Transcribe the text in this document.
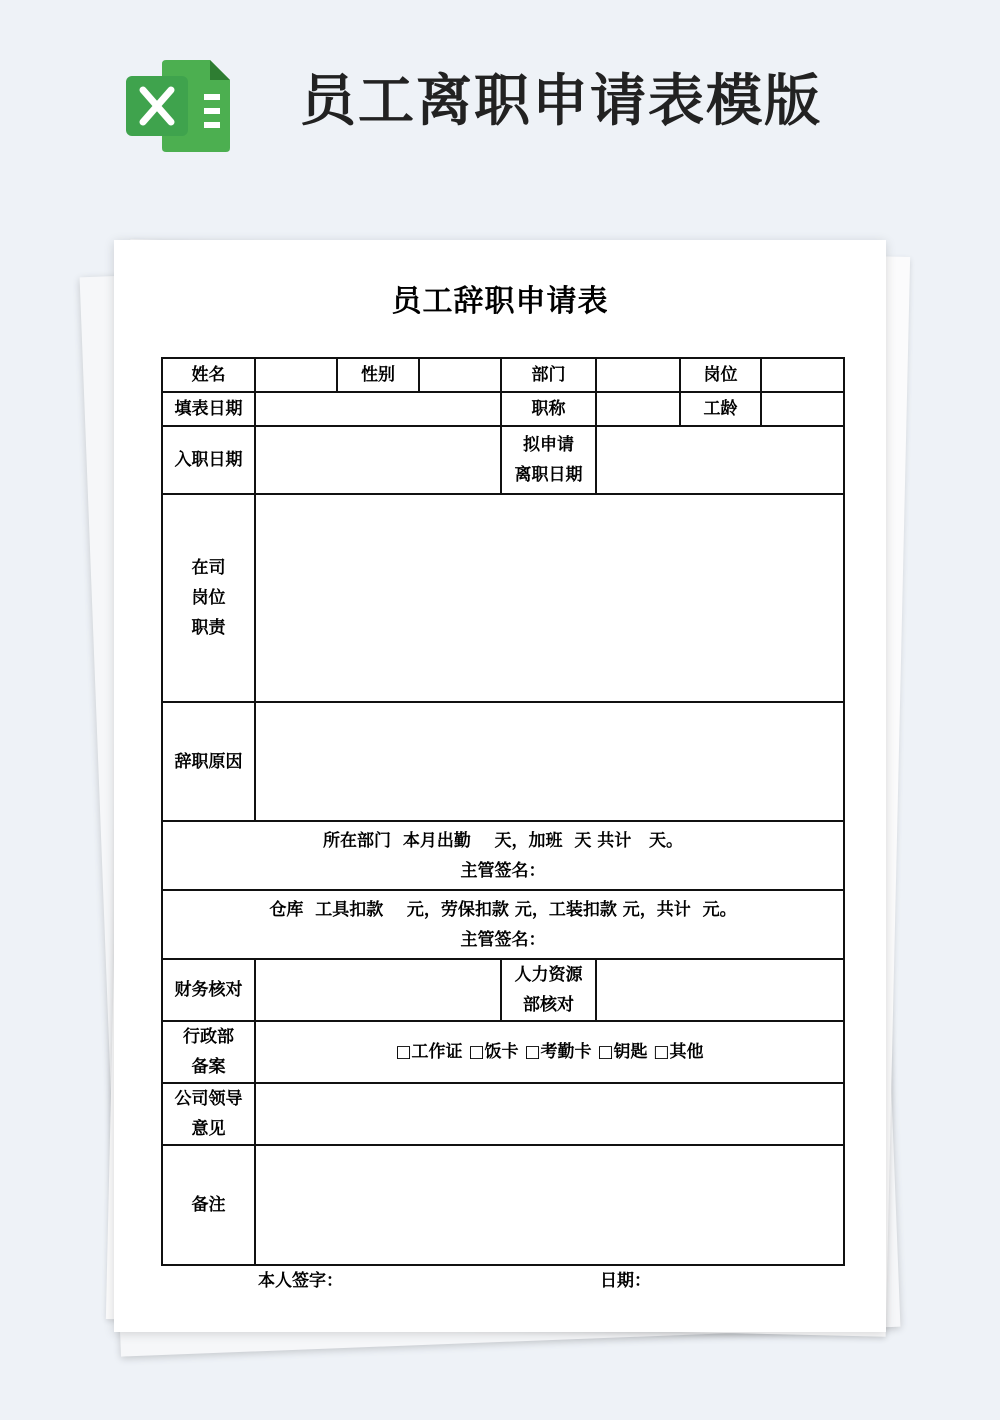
员工离职申请表模版
员工辞职申请表
姓名		性别		部门		岗位	
填表日期				职称		工龄	
入职日期				拟申请
离职日期			

在司
岗位
职责							

辞职原因							

所在部门  本月出勤    天，加班  天 共计   天。
主管签名：							

仓库  工具扣款    元，劳保扣款 元，工装扣款 元，共计  元。
主管签名：							

财务核对				人力资源
部核对			

行政部
备案	□工作证 □饭卡 □考勤卡 □钥匙 □其他						

公司领导
意见							

备注							
本人签字：	日期：
